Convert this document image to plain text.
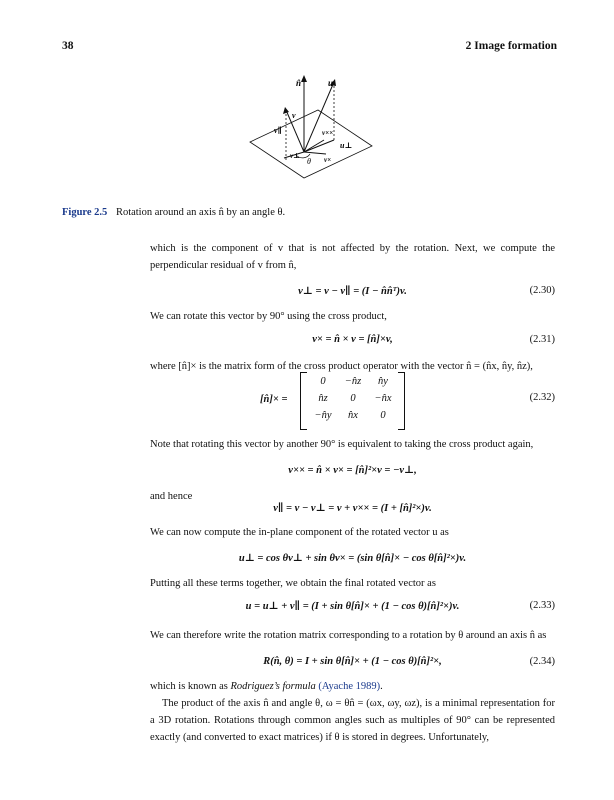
38	2 Image formation
n̂	u
v
v∥	v××
u⊥
v⊥
θ v×
Figure 2.5 Rotation around an axis n̂ by an angle θ.
which is the component of v that is not affected by the rotation. Next, we compute the perpendicular residual of v from n̂,
v⊥ = v − v∥ = (I − n̂n̂ᵀ)v.	(2.30)
We can rotate this vector by 90° using the cross product,
v× = n̂ × v = [n̂]×v,	(2.31)
where [n̂]× is the matrix form of the cross product operator with the vector n̂ = (n̂x, n̂y, n̂z),
[n̂]× =
0	−n̂z	n̂y
n̂z	0	−n̂x
−n̂y	n̂x	0
(2.32)
Note that rotating this vector by another 90° is equivalent to taking the cross product again,
v×× = n̂ × v× = [n̂]²×v = −v⊥,
and hence
v∥ = v − v⊥ = v + v×× = (I + [n̂]²×)v.
We can now compute the in-plane component of the rotated vector u as
u⊥ = cos θv⊥ + sin θv× = (sin θ[n̂]× − cos θ[n̂]²×)v.
Putting all these terms together, we obtain the final rotated vector as
u = u⊥ + v∥ = (I + sin θ[n̂]× + (1 − cos θ)[n̂]²×)v.	(2.33)
We can therefore write the rotation matrix corresponding to a rotation by θ around an axis n̂ as
R(n̂, θ) = I + sin θ[n̂]× + (1 − cos θ)[n̂]²×,	(2.34)
which is known as Rodriguez’s formula (Ayache 1989).
The product of the axis n̂ and angle θ, ω = θn̂ = (ωx, ωy, ωz), is a minimal representation for a 3D rotation. Rotations through common angles such as multiples of 90° can be represented exactly (and converted to exact matrices) if θ is stored in degrees. Unfortunately,
